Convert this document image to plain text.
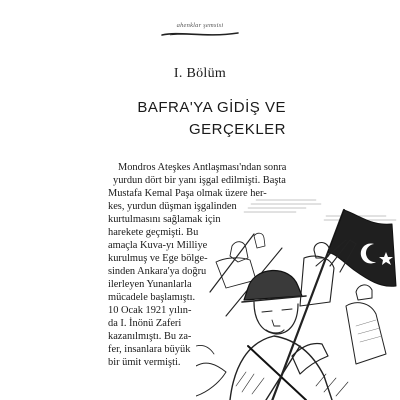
ahenklar şemsisi
I. Bölüm
BAFRA'YA GİDİŞ VE
GERÇEKLER
Mondros Ateşkes Antlaşması'ndan sonra
yurdun dört bir yanı işgal edilmişti. Başta
Mustafa Kemal Paşa olmak üzere her-
kes, yurdun düşman işgalinden
kurtulmasını sağlamak için
harekete geçmişti. Bu
amaçla Kuva-yı Milliye
kurulmuş ve Ege bölge-
sinden Ankara'ya doğru
ilerleyen Yunanlarla
mücadele başlamıştı.
10 Ocak 1921 yılın-
da I. İnönü Zaferi
kazanılmıştı. Bu za-
fer, insanlara büyük
bir ümit vermişti.
